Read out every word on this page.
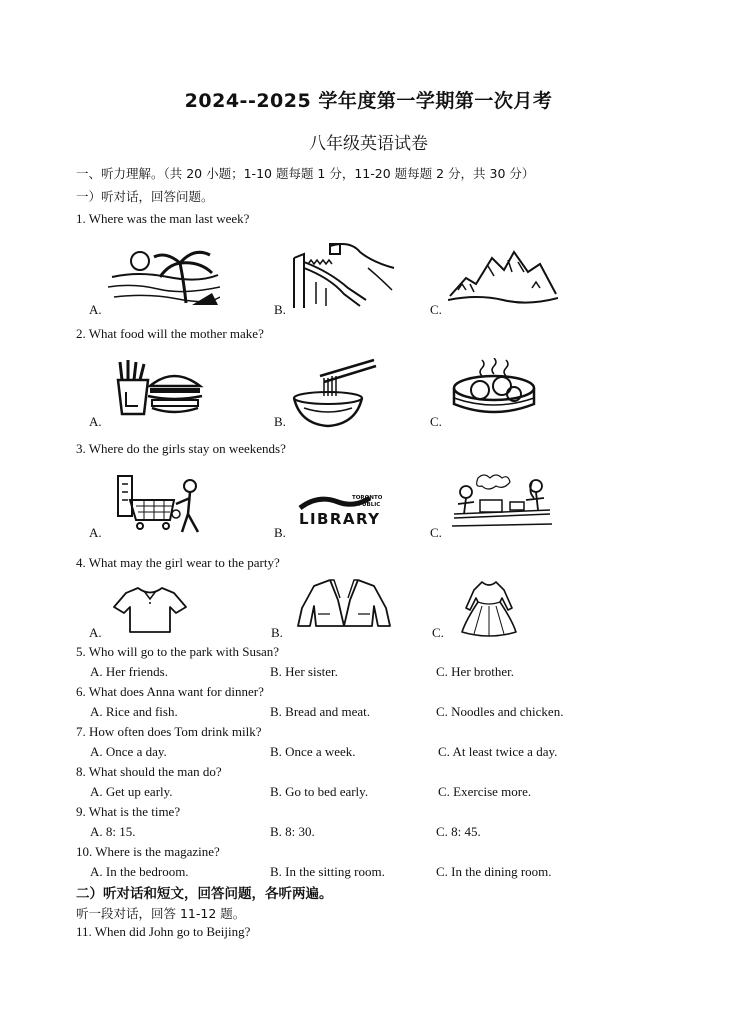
2024--2025 学年度第一学期第一次月考
八年级英语试卷
一、听力理解。（共 20 小题；1-10 题每题 1 分，11-20 题每题 2 分，共 30 分）
一）听对话，回答问题。
1. Where was the man last week?
A.	B.	C.
2. What food will the mother make?
A.	B.	C.
3. Where do the girls stay on weekends?
A.	B.	C.
TORONTO
PUBLIC
LIBRARY
4. What may the girl wear to the party?
A.	B.	C.
5. Who will go to the park with Susan?
A. Her friends.	B. Her sister.	C. Her brother.
6. What does Anna want for dinner?
A. Rice and fish.	B. Bread and meat.	C. Noodles and chicken.
7. How often does Tom drink milk?
A. Once a day.	B. Once a week.	C. At least twice a day.
8. What should the man do?
A. Get up early.	B. Go to bed early.	C. Exercise more.
9. What is the time?
A. 8: 15.	B. 8: 30.	C. 8: 45.
10. Where is the magazine?
A. In the bedroom.	B. In the sitting room.	C. In the dining room.
二）听对话和短文，回答问题，各听两遍。
听一段对话，回答 11-12 题。
11. When did John go to Beijing?
